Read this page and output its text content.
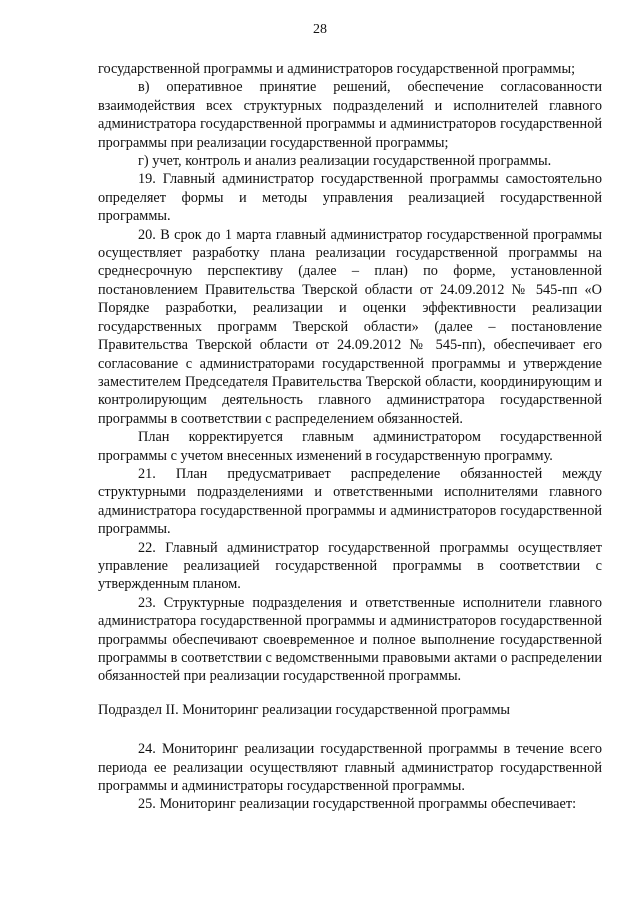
28

государственной программы и администраторов государственной программы;

в) оперативное принятие решений, обеспечение согласованности взаимодействия всех структурных подразделений и исполнителей главного администратора государственной программы и администраторов государственной программы при реализации государственной программы;

г) учет, контроль и анализ реализации государственной программы.

19. Главный администратор государственной программы самостоятельно определяет формы и методы управления реализацией государственной программы.

20. В срок до 1 марта главный администратор государственной программы осуществляет разработку плана реализации государственной программы на среднесрочную перспективу (далее – план) по форме, установленной постановлением Правительства Тверской области от 24.09.2012 № 545-пп «О Порядке разработки, реализации и оценки эффективности реализации государственных программ Тверской области» (далее – постановление Правительства Тверской области от 24.09.2012 № 545-пп), обеспечивает его согласование с администраторами государственной программы и утверждение заместителем Председателя Правительства Тверской области, координирующим и контролирующим деятельность главного администратора государственной программы в соответствии с распределением обязанностей.

План корректируется главным администратором государственной программы с учетом внесенных изменений в государственную программу.

21. План предусматривает распределение обязанностей между структурными подразделениями и ответственными исполнителями главного администратора государственной программы и администраторов государственной программы.

22. Главный администратор государственной программы осуществляет управление реализацией государственной программы в соответствии с утвержденным планом.

23. Структурные подразделения и ответственные исполнители главного администратора государственной программы и администраторов государственной программы обеспечивают своевременное и полное выполнение государственной программы в соответствии с ведомственными правовыми актами о распределении обязанностей при реализации государственной программы.

Подраздел II. Мониторинг реализации государственной программы

24. Мониторинг реализации государственной программы в течение всего периода ее реализации осуществляют главный администратор государственной программы и администраторы государственной программы.

25. Мониторинг реализации государственной программы обеспечивает:
